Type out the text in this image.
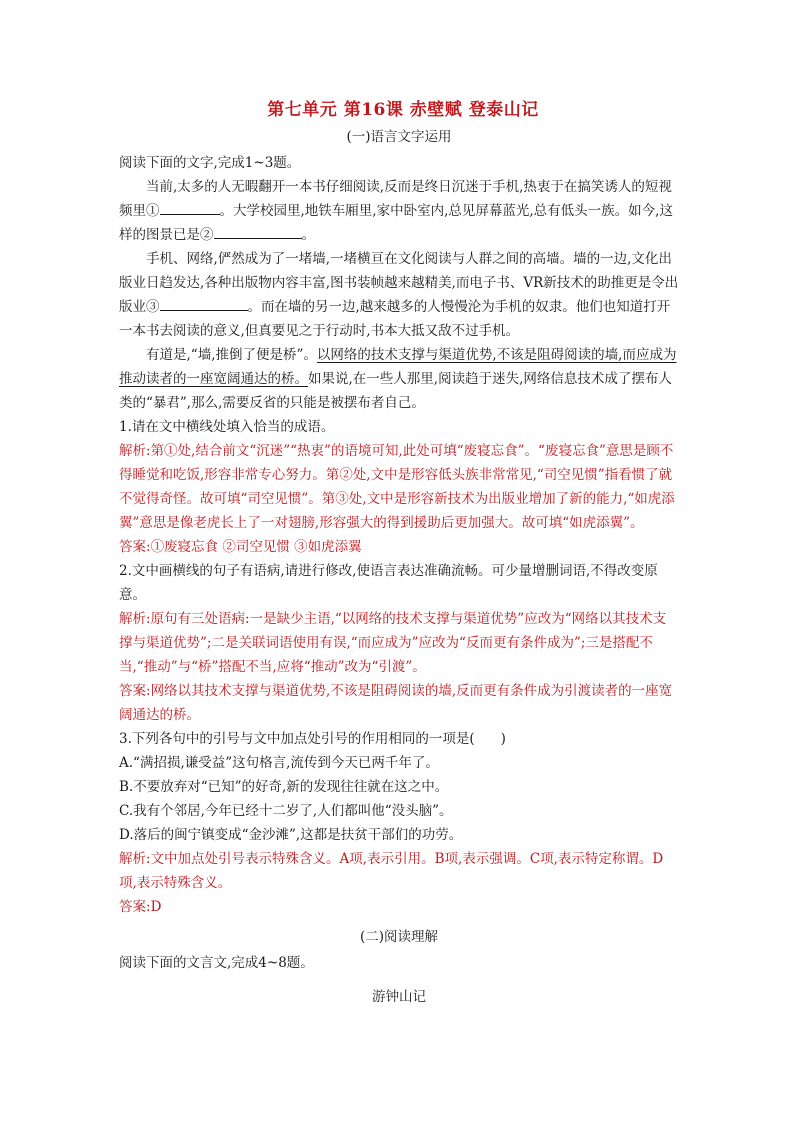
第七单元 第16课 赤壁赋 登泰山记
(一)语言文字运用

阅读下面的文字,完成1~3题。

当前,太多的人无暇翻开一本书仔细阅读,反而是终日沉迷于手机,热衷于在搞笑诱人的短视频里①	。大学校园里,地铁车厢里,家中卧室内,总见屏幕蓝光,总有低头一族。如今,这样的图景已是②	。

手机、网络,俨然成为了一堵墙,一堵横亘在文化阅读与人群之间的高墙。墙的一边,文化出版业日趋发达,各种出版物内容丰富,图书装帧越来越精美,而电子书、VR新技术的助推更是令出版业③	。而在墙的另一边,越来越多的人慢慢沦为手机的奴隶。他们也知道打开一本书去阅读的意义,但真要见之于行动时,书本大抵又敌不过手机。

有道是,“墙,推倒了便是桥”。以网络的技术支撑与渠道优势,不该是阻碍阅读的墙,而应成为推动读者的一座宽阔通达的桥。如果说,在一些人那里,阅读趋于迷失,网络信息技术成了摆布人类的“暴君”,那么,需要反省的只能是被摆布者自己。

1.请在文中横线处填入恰当的成语。

解析:第①处,结合前文“沉迷”“热衷”的语境可知,此处可填“废寝忘食”。“废寝忘食”意思是顾不得睡觉和吃饭,形容非常专心努力。第②处,文中是形容低头族非常常见,“司空见惯”指看惯了就不觉得奇怪。故可填“司空见惯”。第③处,文中是形容新技术为出版业增加了新的能力,“如虎添翼”意思是像老虎长上了一对翅膀,形容强大的得到援助后更加强大。故可填“如虎添翼”。

答案:①废寝忘食 ②司空见惯 ③如虎添翼

2.文中画横线的句子有语病,请进行修改,使语言表达准确流畅。可少量增删词语,不得改变原意。

解析:原句有三处语病:一是缺少主语,“以网络的技术支撑与渠道优势”应改为“网络以其技术支撑与渠道优势”;二是关联词语使用有误,“而应成为”应改为“反而更有条件成为”;三是搭配不当,“推动”与“桥”搭配不当,应将“推动”改为“引渡”。

答案:网络以其技术支撑与渠道优势,不该是阻碍阅读的墙,反而更有条件成为引渡读者的一座宽阔通达的桥。

3.下列各句中的引号与文中加点处引号的作用相同的一项是( )

A.“满招损,谦受益”这句格言,流传到今天已两千年了。

B.不要放弃对“已知”的好奇,新的发现往往就在这之中。

C.我有个邻居,今年已经十二岁了,人们都叫他“没头脑”。

D.落后的闽宁镇变成“金沙滩”,这都是扶贫干部们的功劳。

解析:文中加点处引号表示特殊含义。A项,表示引用。B项,表示强调。C项,表示特定称谓。D项,表示特殊含义。

答案:D

(二)阅读理解

阅读下面的文言文,完成4~8题。

游钟山记
